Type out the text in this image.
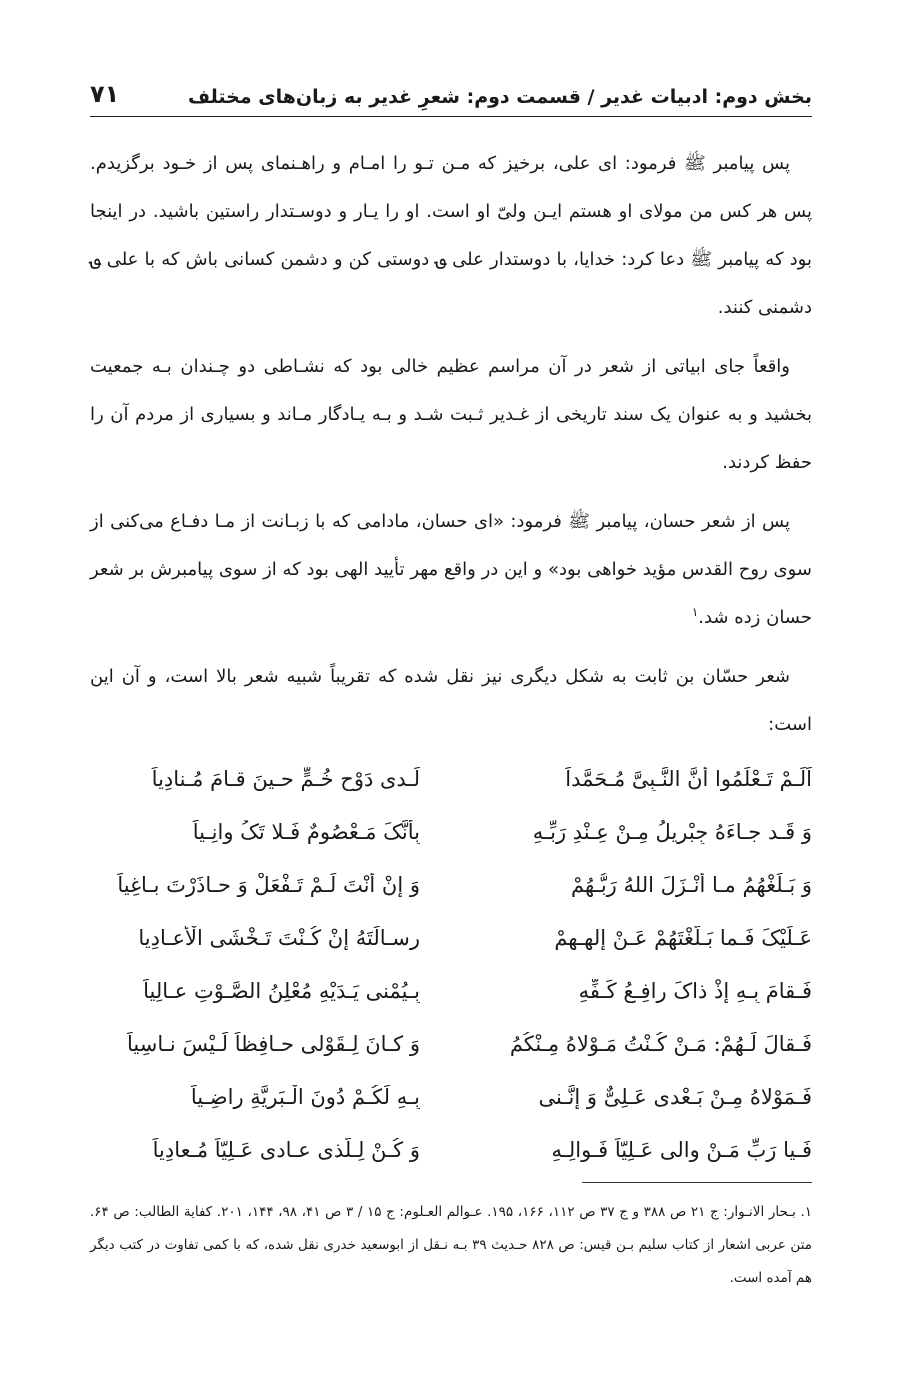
بخش دوم: ادبیات غدیر / قسمت دوم: شعرِ غدیر به زبان‌های مختلف
۷۱

پس پیامبر ﷺ فرمود: ای علی، برخیز که مـن تـو را امـام و راهـنمای پس از خـود برگزیدم. پس هر کس من مولای او هستم ایـن ولیّ او است. او را یـار و دوسـتدار راستین باشید. در اینجا بود که پیامبر ﷺ دعا کرد: خدایا، با دوستدار علی ؈ دوستی کن و دشمن کسانی باش که با علی ؈ دشمنی کنند.

واقعاً جای ابیاتی از شعر در آن مراسم عظیم خالی بود که نشـاطی دو چـندان بـه جمعیت بخشید و به عنوان یک سند تاریخی از غـدیر ثـبت شـد و بـه یـادگار مـاند و بسیاری از مردم آن را حفظ کردند.

پس از شعر حسان، پیامبر ﷺ فرمود: «ای حسان، مادامی که با زبـانت از مـا دفـاع می‌کنی از سوی روح القدس مؤید خواهی بود» و این در واقع مهر تأیید الهی بود که از سوی پیامبرش بر شعر حسان زده شد.$^۱$

شعر حسّان بن ثابت به شکل دیگری نیز نقل شده که تقریباً شبیه شعر بالا است، و آن این است:

اَلَـمْ تَـعْلَمُوا أَنَّ النَّـبِیَّ مُـحَمَّداً
لَـدی دَوْحِ خُـمٍّ حـینَ قـامَ مُـنادِیاً
وَ قَـد جـاءَهُ جِبْریلُ مِـنْ عِـنْدِ رَبِّـهِ
بِأَنَّکَ مَـعْصُومٌ فَـلا تَکُ وانِـیاً
وَ بَـلِّغْهُمُ مـا أَنْـزَلَ اللهُ رَبُّـهُمْ
وَ إِنْ أَنْتَ لَـمْ تَـفْعَلْ وَ حـاذَرْتَ بـاغِیاً
عَـلَیْکَ فَـما بَـلَّغْتَهُمْ عَـنْ إِلهِـهِمْ
رِسـالَتَهُ إِنْ کُـنْتَ تَـخْشَی الْأَعـادِیا
فَـقامَ بِـهِ إِذْ ذاکَ رافِـعُ کَـفِّهِ
بِـیُمْنی یَـدَیْهِ مُعْلِنُ الصَّـوْتِ عـالِیاً
فَـقالَ لَـهُمْ: مَـنْ کُـنْتُ مَـوْلاهُ مِـنْکُمُ
وَ کـانَ لِـقَوْلی حـافِظاً لَـیْسَ نـاسِیاً
فَـمَوْلاهُ مِـنْ بَـعْدی عَـلِیٌّ وَ إِنَّـنی
بِـهِ لَکُـمْ دُونَ الْـبَرِیَّةِ راضِـیاً
فَـیا رَبِّ مَـنْ والی عَـلِیّاً فَـوالِـهِ
وَ کُـنْ لِـلَّذی عـادی عَـلِیّاً مُـعادِیاً

۱. بـحار الانـوار: ج ۲۱ ص ۳۸۸ و ج ۳۷ ص ۱۱۲، ۱۶۶، ۱۹۵. عـوالم العـلوم: ج ۱۵ / ۳ ص ۴۱، ۹۸، ۱۴۴، ۲۰۱. کفایة الطالب: ص ۶۴. متن عربی اشعار از کتاب سلیم بـن قیس: ص ۸۲۸ حـدیث ۳۹ بـه نـقل از ابوسعید خدری نقل شده، که با کمی تفاوت در کتب دیگر هم آمده است.
